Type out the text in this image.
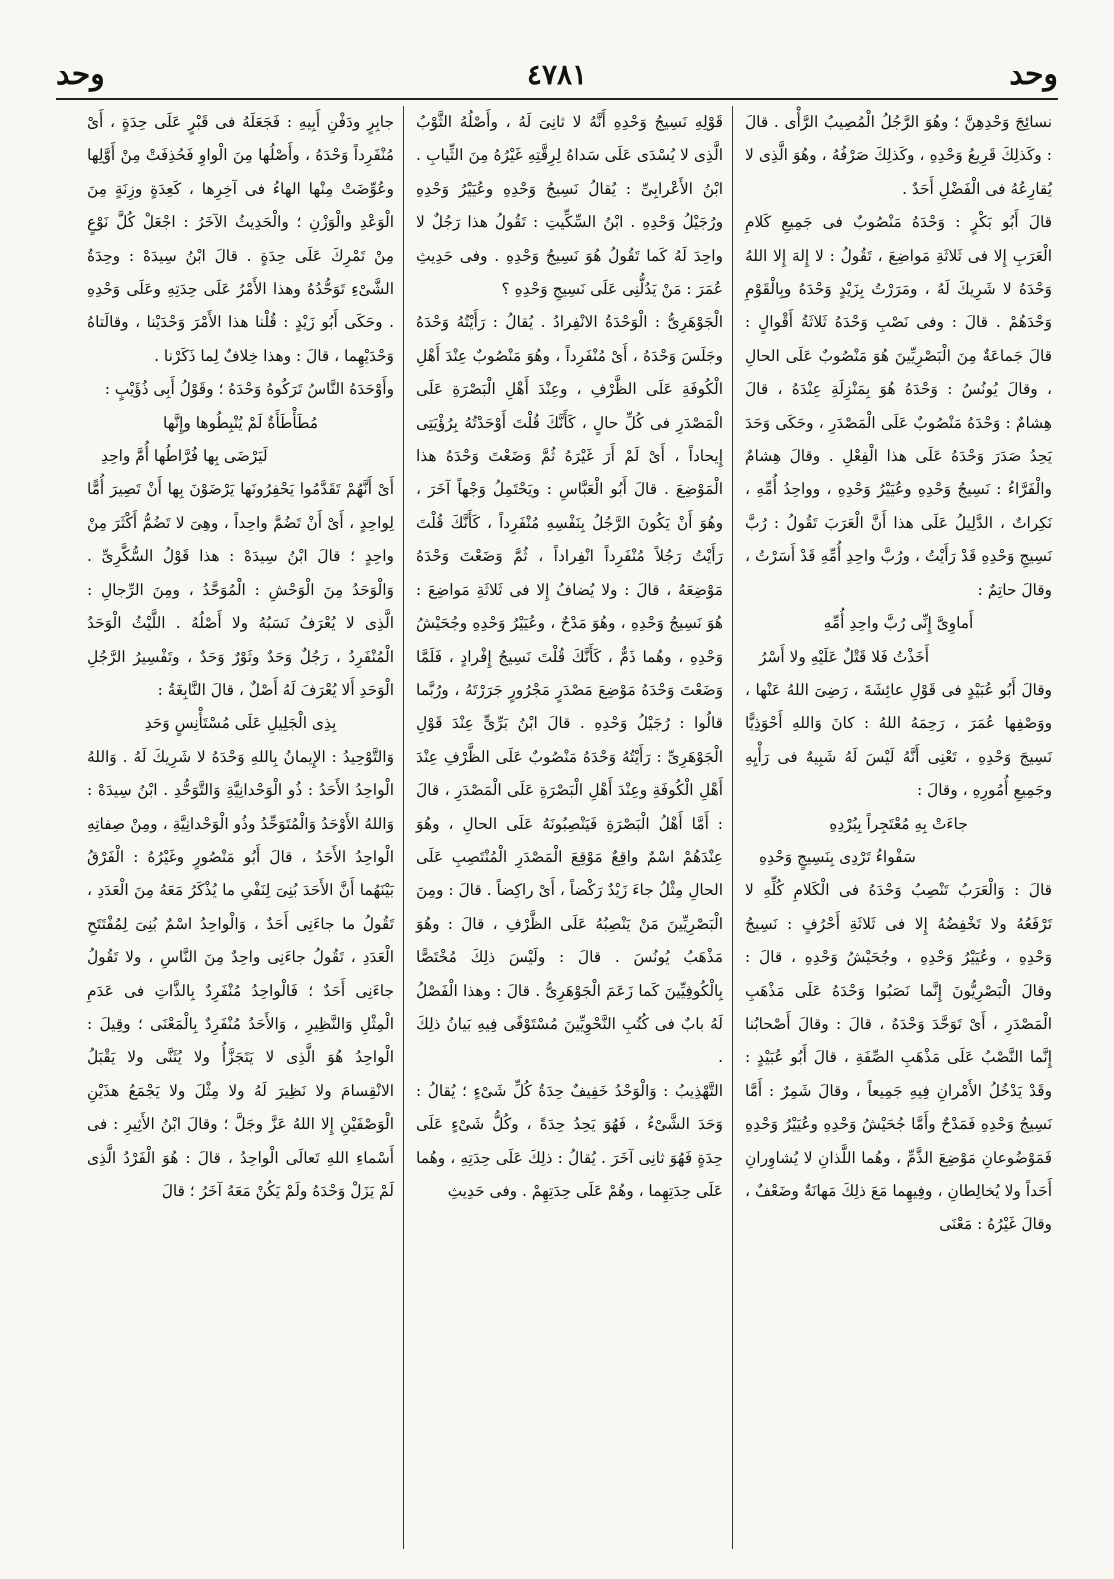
وحد	٤٧٨١	وحد

نسائِجَ وَحْدِهِنَّ ؛ وهُوَ الرَّجُلُ الْمُصِيبُ الرَّأْى . قالَ : وكَذلِكَ قَرِيعُ وَحْدِهِ ، وكَذلِكَ صَرْفُهُ ، وهُوَ الَّذِى لا يُقارِعُهُ فى الْفَضْلِ أَحَدٌ .

قالَ أَبُو بَكْرٍ : وَحْدَهُ مَنْصُوبٌ فى جَمِيعِ كَلامِ الْعَرَبِ إِلا فى ثَلاثَةِ مَواضِعَ ، تَقُولُ : لا إِلهَ إِلا اللهُ وَحْدَهُ لا شَرِيكَ لَهُ ، ومَرَرْتُ بِزَيْدٍ وَحْدَهُ وبِالْقَوْمِ وَحْدَهُمْ . قالَ : وفى نَصْبِ وَحْدَهُ ثَلاثَةُ أَقْوالٍ : قالَ جَماعَةٌ مِنَ الْبَصْرِيِّينَ هُوَ مَنْصُوبٌ عَلَى الحالِ ، وقالَ يُونُسُ : وَحْدَهُ هُوَ بِمَنْزِلَةِ عِنْدَهُ ، قالَ هِشامٌ : وَحْدَهُ مَنْصُوبٌ عَلَى الْمَصْدَرِ ، وحَكَى وَحَدَ يَحِدُ صَدَرَ وَحْدَهُ عَلَى هذا الْفِعْلِ . وقالَ هِشامٌ والْفَرَّاءُ : نَسِيجُ وَحْدِهِ وعُيَيْرُ وَحْدِهِ ، وواحِدُ أُمِّهِ ، نَكِراتٌ ، الدَّلِيلُ عَلَى هذا أَنَّ الْعَرَبَ تَقُولُ : رُبَّ نَسِيجِ وَحْدِهِ قَدْ رَأَيْتُ ، ورُبَّ واحِدِ أُمِّهِ قَدْ أَسَرْتُ ، وقالَ حاتِمٌ :

أَماوِىَّ إِنِّى رُبَّ واحِدِ أُمِّهِ

أَخَذْتُ فَلا قَتْلٌ عَلَيْهِ ولا أَسْرُ

وقالَ أَبُو عُبَيْدٍ فى قَوْلِ عائِشَةَ ، رَضِىَ اللهُ عَنْها ، ووَصْفِها عُمَرَ ، رَحِمَهُ اللهُ : كانَ وَاللهِ أَحْوَذِيًّا نَسِيجَ وَحْدِهِ ، تَعْنِى أَنَّهُ لَيْسَ لَهُ شَبِيهٌ فى رَأْيِهِ وجَمِيعِ أُمُورِهِ ، وقالَ :

جاءَتْ بِهِ مُعْتَجِراً بِبُرْدِهِ

سَفْواءُ تَرْدِى بِنَسِيجٍ وَحْدِهِ

قالَ : وَالْعَرَبُ تَنْصِبُ وَحْدَهُ فى الْكَلامِ كُلِّهِ لا تَرْفَعُهُ ولا تَخْفِضُهُ إِلا فى ثَلاثَةِ أَحْرُفٍ : نَسِيجُ وَحْدِهِ ، وعُيَيْرُ وَحْدِهِ ، وجُحَيْشُ وَحْدِهِ ، قالَ : وقالَ الْبَصْرِيُّونَ إِنَّما نَصَبُوا وَحْدَهُ عَلَى مَذْهَبِ الْمَصْدَرِ ، أَىْ تَوَحَّدَ وَحْدَهُ ، قالَ : وقالَ أَصْحابُنا إِنَّما النَّصْبُ عَلَى مَذْهَبِ الصِّفَةِ ، قالَ أَبُو عُبَيْدٍ : وقَدْ يَدْخُلُ الأَمْرانِ فِيهِ جَمِيعاً ، وقالَ شَمِرٌ : أَمَّا نَسِيجُ وَحْدِهِ فَمَدْحٌ وأَمَّا جُحَيْشُ وَحْدِهِ وعُيَيْرُ وَحْدِهِ فَمَوْضُوعانِ مَوْضِعَ الذَّمِّ ، وهُما اللَّذانِ لا يُشاوِرانِ أَحَداً ولا يُخالِطانِ ، وفِيهِما مَعَ ذلِكَ مَهانَةٌ وضَعْفٌ ، وقالَ غَيْرُهُ : مَعْنَى

قَوْلِهِ نَسِيجُ وَحْدِهِ أَنَّهُ لا ثانِىَ لَهُ ، وأَصْلُهُ الثَّوْبُ الَّذِى لا يُسْدَى عَلَى سَداهُ لِرِقَّتِهِ غَيْرُهُ مِنَ الثِّيابِ . ابْنُ الأَعْرابِىِّ : يُقالُ نَسِيجُ وَحْدِهِ وعُيَيْرُ وَحْدِهِ ورُجَيْلُ وَحْدِهِ . ابْنُ السِّكِّيتِ : تَقُولُ هذا رَجُلٌ لا واحِدَ لَهُ كَما تَقُولُ هُوَ نَسِيجُ وَحْدِهِ . وفى حَدِيثِ عُمَرَ : مَنْ يَدُلُّنِى عَلَى نَسِيجِ وَحْدِهِ ؟

الْجَوْهَرِىُّ : الْوَحْدَةُ الانْفِرادُ . يُقالُ : رَأَيْتُهُ وَحْدَهُ وجَلَسَ وَحْدَهُ ، أَىْ مُنْفَرِداً ، وهُوَ مَنْصُوبٌ عِنْدَ أَهْلِ الْكُوفَةِ عَلَى الظَّرْفِ ، وعِنْدَ أَهْلِ الْبَصْرَةِ عَلَى الْمَصْدَرِ فى كُلِّ حالٍ ، كَأَنَّكَ قُلْتَ أَوْحَدْتُهُ بِرُؤْيَتِى إِيحاداً ، أَىْ لَمْ أَرَ غَيْرَهُ ثُمَّ وَضَعْتَ وَحْدَهُ هذا الْمَوْضِعَ . قالَ أَبُو الْعَبَّاسِ : ويَحْتَمِلُ وَجْهاً آخَرَ ، وهُوَ أَنْ يَكُونَ الرَّجُلُ بِنَفْسِهِ مُنْفَرِداً ، كَأَنَّكَ قُلْتَ رَأَيْتُ رَجُلاً مُنْفَرِداً انْفِراداً ، ثُمَّ وَضَعْتَ وَحْدَهُ مَوْضِعَهُ ، قالَ : ولا يُضافُ إِلا فى ثَلاثَةِ مَواضِعَ : هُوَ نَسِيجُ وَحْدِهِ ، وهُوَ مَدْحٌ ، وعُيَيْرُ وَحْدِهِ وجُحَيْشُ وَحْدِهِ ، وهُما ذَمٌّ ، كَأَنَّكَ قُلْتَ نَسِيجُ إِفْرادٍ ، فَلَمَّا وَضَعْتَ وَحْدَهُ مَوْضِعَ مَصْدَرٍ مَجْرُورٍ جَرَرْتَهُ ، ورُبَّما قالُوا : رُجَيْلُ وَحْدِهِ . قالَ ابْنُ بَرِّىٍّ عِنْدَ قَوْلِ الْجَوْهَرِىِّ : رَأَيْتُهُ وَحْدَهُ مَنْصُوبٌ عَلَى الظَّرْفِ عِنْدَ أَهْلِ الْكُوفَةِ وعِنْدَ أَهْلِ الْبَصْرَةِ عَلَى الْمَصْدَرِ ، قالَ : أَمَّا أَهْلُ الْبَصْرَةِ فَيَنْصِبُونَهُ عَلَى الحالِ ، وهُوَ عِنْدَهُمْ اسْمٌ واقِعٌ مَوْقِعَ الْمَصْدَرِ الْمُنْتَصِبِ عَلَى الحالِ مِثْلُ جاءَ زَيْدٌ رَكْضاً ، أَىْ راكِضاً . قالَ : ومِنَ الْبَصْرِيِّينَ مَنْ يَنْصِبُهُ عَلَى الظَّرْفِ ، قالَ : وهُوَ مَذْهَبُ يُونُسَ . قالَ : ولَيْسَ ذلِكَ مُخْتَصًّا بِالْكُوفِيِّينَ كَما زَعَمَ الْجَوْهَرِىُّ . قالَ : وهذا الْفَصْلُ لَهُ بابٌ فى كُتُبِ النَّحْوِيِّينَ مُسْتَوْفًى فِيهِ بَيانُ ذلِكَ .

التَّهْذِيبُ : وَالْوَحْدُ خَفِيفٌ حِدَةُ كُلِّ شَىْءٍ ؛ يُقالُ : وَحَدَ الشَّىْءُ ، فَهُوَ يَحِدُ حِدَةً ، وكُلُّ شَىْءٍ عَلَى حِدَةٍ فَهُوَ ثانِى آخَرَ . يُقالُ : ذلِكَ عَلَى حِدَتِهِ ، وهُما عَلَى حِدَتِهِما ، وهُمْ عَلَى حِدَتِهِمْ . وفى حَدِيثِ

جابِرٍ ودَفْنِ أَبِيهِ : فَجَعَلَهُ فى قَبْرٍ عَلَى حِدَةٍ ، أَىْ مُنْفَرِداً وَحْدَهُ ، وأَصْلُها مِنَ الْواوِ فَحُذِفَتْ مِنْ أَوَّلِها وعُوِّضَتْ مِنْها الهاءُ فى آخِرِها ، كَعِدَةٍ وزِنَةٍ مِنَ الْوَعْدِ والْوَزْنِ ؛ والْحَدِيثُ الآخَرُ : اجْعَلْ كُلَّ نَوْعٍ مِنْ تَمْرِكَ عَلَى حِدَةٍ . قالَ ابْنُ سِيدَهْ : وحِدَةُ الشَّىْءِ تَوَحُّدُهُ وهذا الأَمْرُ عَلَى حِدَتِهِ وعَلَى وَحْدِهِ . وحَكَى أَبُو زَيْدٍ : قُلْنا هذا الأَمْرَ وَحْدَيْنا ، وقالَتاهُ وَحْدَيْهِما ، قالَ : وهذا خِلافٌ لِما ذَكَرْنا .

وأَوْحَدَهُ النَّاسُ تَرَكُوهُ وَحْدَهُ ؛ وقَوْلُ أَبِى ذُؤَيْبٍ :

مُطَأْطَأَةٌ لَمْ يُنْبِطُوها وإِنَّها

لَيَرْضَى بِها فُرَّاطُها أُمَّ واحِدِ

أَىْ أَنَّهُمْ تَقَدَّمُوا يَحْفِرُونَها يَرْضَوْنَ بِها أَنْ تَصِيرَ أُمًّا لِواحِدٍ ، أَىْ أَنْ تَضُمَّ واحِداً ، وهِىَ لا تَضُمُّ أَكْثَرَ مِنْ واحِدٍ ؛ قالَ ابْنُ سِيدَهْ : هذا قَوْلُ السُّكَّرِىِّ . وَالْوَحَدُ مِنَ الْوَحْشِ : الْمُوَحَّدُ ، ومِنَ الرِّجالِ : الَّذِى لا يُعْرَفُ نَسَبُهُ ولا أَصْلُهُ . اللَّيْثُ الْوَحَدُ الْمُنْفَرِدُ ، رَجُلٌ وَحَدٌ وثَوْرٌ وَحَدٌ ، وتَفْسِيرُ الرَّجُلِ الْوَحَدِ أَلا يُعْرَفَ لَهُ أَصْلٌ ، قالَ النَّابِغَةُ :

بِذِى الْجَلِيلِ عَلَى مُسْتَأْنِسٍ وَحَدِ

وَالتَّوْحِيدُ : الإِيمانُ بِاللهِ وَحْدَهُ لا شَرِيكَ لَهُ . وَاللهُ الْواحِدُ الأَحَدُ : ذُو الْوَحْدانِيَّةِ وَالتَّوَحُّدِ . ابْنُ سِيدَهْ : وَاللهُ الأَوْحَدُ وَالْمُتَوَحِّدُ وذُو الْوَحْدانِيَّةِ ، ومِنْ صِفاتِهِ الْواحِدُ الأَحَدُ ، قالَ أَبُو مَنْصُورٍ وغَيْرُهُ : الْفَرْقُ بَيْنَهُما أَنَّ الأَحَدَ بُنِىَ لِنَفْىِ ما يُذْكَرُ مَعَهُ مِنَ الْعَدَدِ ، تَقُولُ ما جاءَنِى أَحَدٌ ، وَالْواحِدُ اسْمٌ بُنِىَ لِمُفْتَتَحِ الْعَدَدِ ، تَقُولُ جاءَنِى واحِدٌ مِنَ النَّاسِ ، ولا تَقُولُ جاءَنِى أَحَدٌ ؛ فَالْواحِدُ مُنْفَرِدٌ بِالذَّاتِ فى عَدَمِ الْمِثْلِ وَالنَّظِيرِ ، وَالأَحَدُ مُنْفَرِدٌ بِالْمَعْنَى ؛ وقِيلَ : الْواحِدُ هُوَ الَّذِى لا يَتَجَزَّأُ ولا يُثَنَّى ولا يَقْبَلُ الانْقِسامَ ولا نَظِيرَ لَهُ ولا مِثْلَ ولا يَجْمَعُ هذَيْنِ الْوَصْفَيْنِ إِلا اللهُ عَزَّ وجَلَّ ؛ وقالَ ابْنُ الأَثِيرِ : فى أَسْماءِ اللهِ تَعالَى الْواحِدُ ، قالَ : هُوَ الْفَرْدُ الَّذِى لَمْ يَزَلْ وَحْدَهُ ولَمْ يَكُنْ مَعَهُ آخَرُ ؛ قالَ
